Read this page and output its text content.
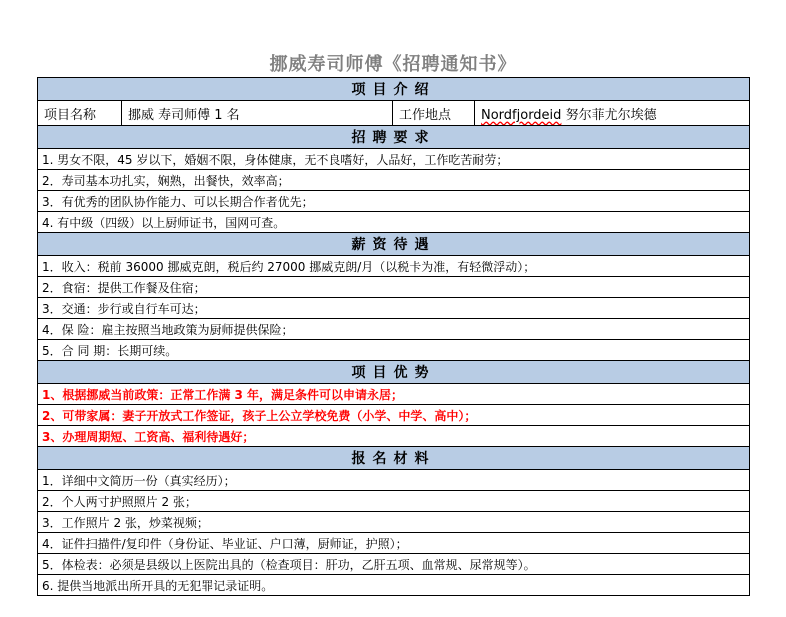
挪威寿司师傅《招聘通知书》
项目介绍
项目名称	挪威 寿司师傅 1 名	工作地点	Nordfjordeid 努尔菲尤尔埃德
招聘要求
1. 男女不限，45 岁以下，婚姻不限，身体健康，无不良嗜好，人品好，工作吃苦耐劳；
2．寿司基本功扎实，娴熟，出餐快，效率高；
3．有优秀的团队协作能力、可以长期合作者优先；
4. 有中级（四级）以上厨师证书，国网可查。
薪资待遇
1．收入：税前 36000 挪威克朗，税后约 27000 挪威克朗/月（以税卡为准，有轻微浮动）；
2．食宿：提供工作餐及住宿；
3．交通：步行或自行车可达；
4．保 险：雇主按照当地政策为厨师提供保险；
5．合 同 期：长期可续。
项目优势
1、根据挪威当前政策：正常工作满 3 年，满足条件可以申请永居；
2、可带家属：妻子开放式工作签证，孩子上公立学校免费（小学、中学、高中）；
3、办理周期短、工资高、福利待遇好；
报名材料
1．详细中文简历一份（真实经历）；
2．个人两寸护照照片 2 张；
3．工作照片 2 张，炒菜视频；
4．证件扫描件/复印件（身份证、毕业证、户口薄，厨师证，护照）；
5．体检表：必须是县级以上医院出具的（检查项目：肝功，乙肝五项、血常规、尿常规等）。
6. 提供当地派出所开具的无犯罪记录证明。
